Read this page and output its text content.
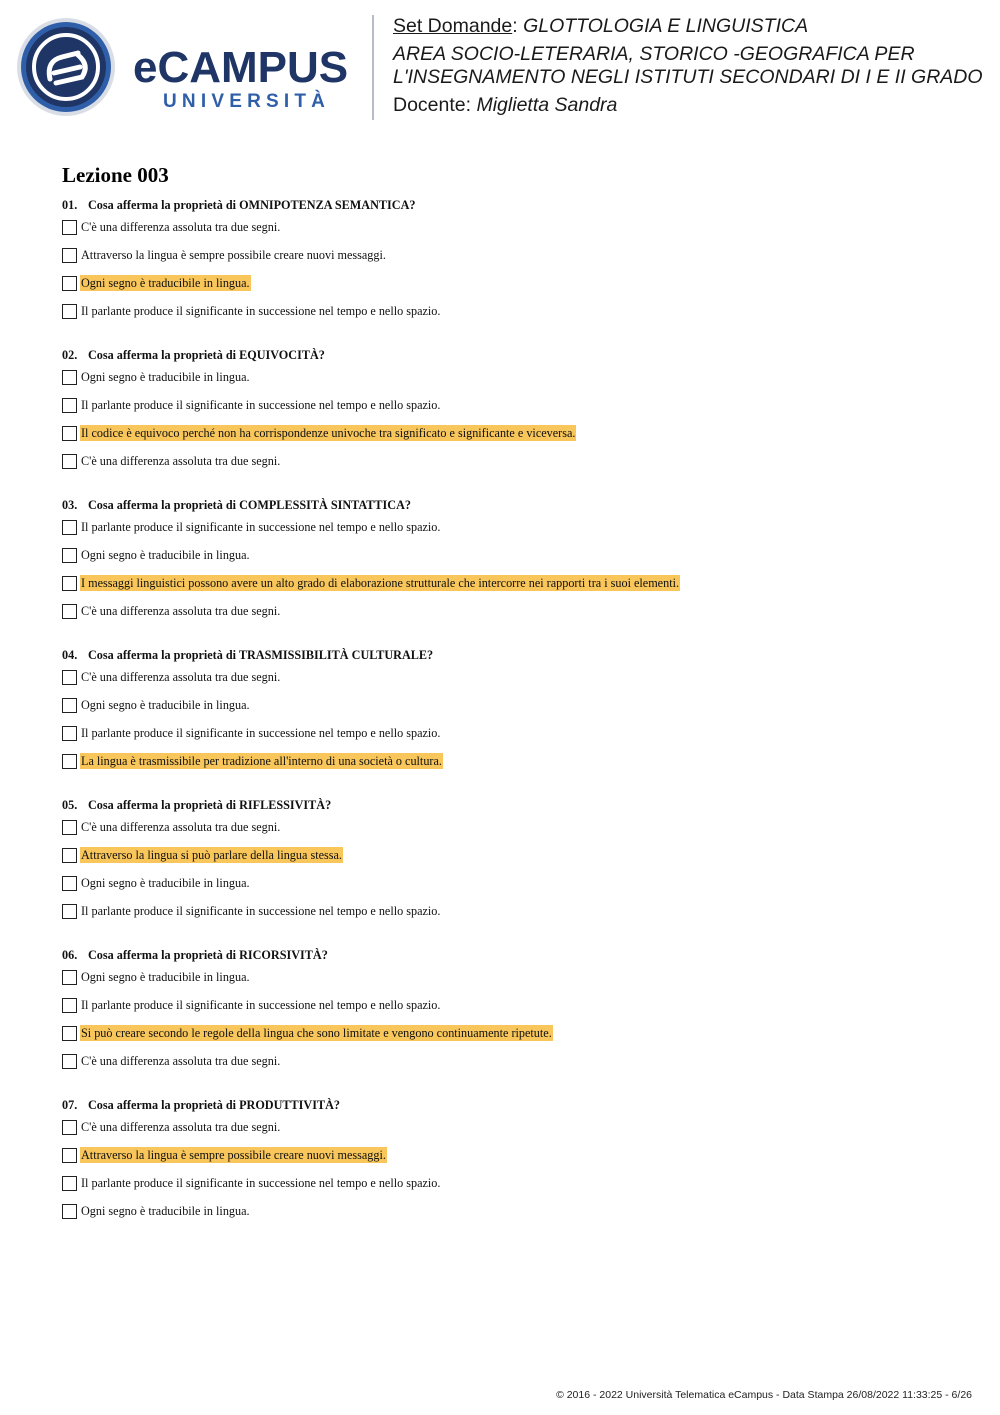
eCAMPUS
UNIVERSITÀ
Set Domande: GLOTTOLOGIA E LINGUISTICA
AREA SOCIO-LETERARIA, STORICO -GEOGRAFICA PER
L'INSEGNAMENTO NEGLI ISTITUTI SECONDARI DI I E II GRADO
Docente: Miglietta Sandra
Lezione 003
01. Cosa afferma la proprietà di OMNIPOTENZA SEMANTICA?
C'è una differenza assoluta tra due segni.
Attraverso la lingua è sempre possibile creare nuovi messaggi.
Ogni segno è traducibile in lingua.
Il parlante produce il significante in successione nel tempo e nello spazio.
02. Cosa afferma la proprietà di EQUIVOCITÀ?
Ogni segno è traducibile in lingua.
Il parlante produce il significante in successione nel tempo e nello spazio.
Il codice è equivoco perché non ha corrispondenze univoche tra significato e significante e viceversa.
C'è una differenza assoluta tra due segni.
03. Cosa afferma la proprietà di COMPLESSITÀ SINTATTICA?
Il parlante produce il significante in successione nel tempo e nello spazio.
Ogni segno è traducibile in lingua.
I messaggi linguistici possono avere un alto grado di elaborazione strutturale che intercorre nei rapporti tra i suoi elementi.
C'è una differenza assoluta tra due segni.
04. Cosa afferma la proprietà di TRASMISSIBILITÀ CULTURALE?
C'è una differenza assoluta tra due segni.
Ogni segno è traducibile in lingua.
Il parlante produce il significante in successione nel tempo e nello spazio.
La lingua è trasmissibile per tradizione all'interno di una società o cultura.
05. Cosa afferma la proprietà di RIFLESSIVITÀ?
C'è una differenza assoluta tra due segni.
Attraverso la lingua si può parlare della lingua stessa.
Ogni segno è traducibile in lingua.
Il parlante produce il significante in successione nel tempo e nello spazio.
06. Cosa afferma la proprietà di RICORSIVITÀ?
Ogni segno è traducibile in lingua.
Il parlante produce il significante in successione nel tempo e nello spazio.
Si può creare secondo le regole della lingua che sono limitate e vengono continuamente ripetute.
C'è una differenza assoluta tra due segni.
07. Cosa afferma la proprietà di PRODUTTIVITÀ?
C'è una differenza assoluta tra due segni.
Attraverso la lingua è sempre possibile creare nuovi messaggi.
Il parlante produce il significante in successione nel tempo e nello spazio.
Ogni segno è traducibile in lingua.
© 2016 - 2022 Università Telematica eCampus - Data Stampa 26/08/2022 11:33:25 - 6/26
